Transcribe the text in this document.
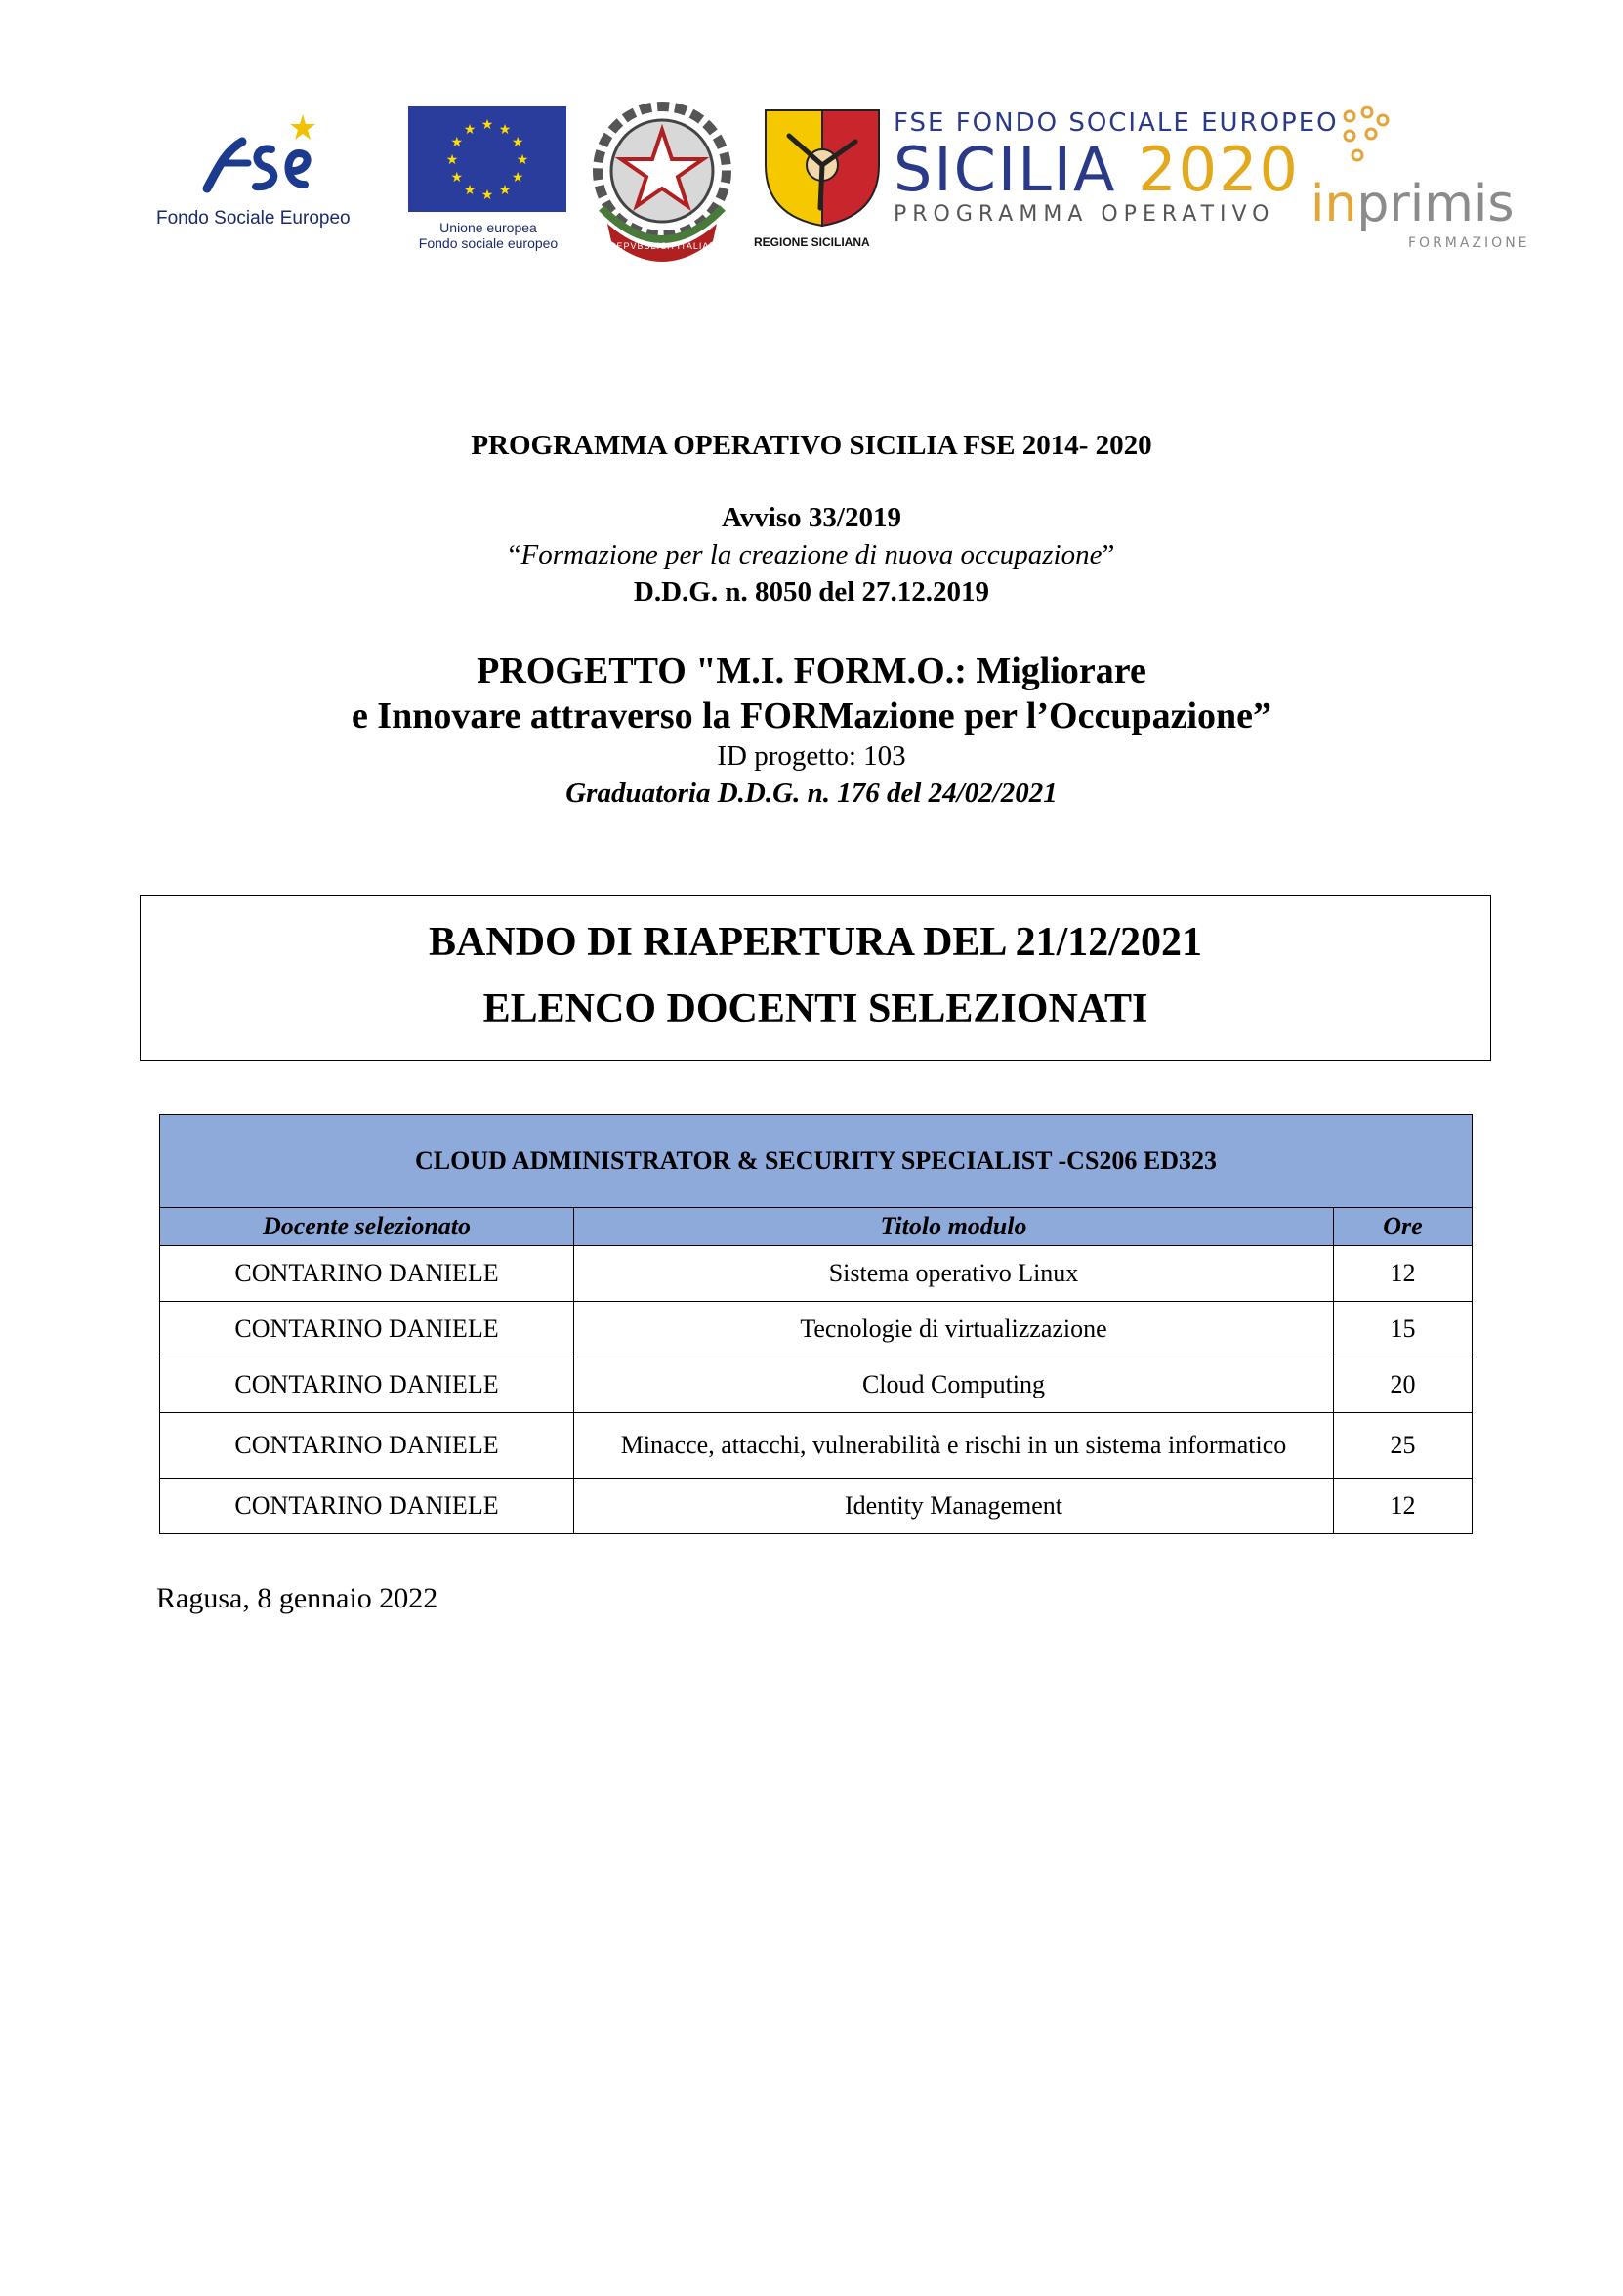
Fondo Sociale Europeo
★ ★
★
★
★
★
★
★
★
★
★
★
Unione europea
Fondo sociale europeo	REPVBBLICA ITALIANA	REGIONE SICILIANA
FSE FONDO SOCIALE EUROPEO
SICILIA 2020
PROGRAMMA OPERATIVO inprimis
FORMAZIONE
PROGRAMMA OPERATIVO SICILIA FSE 2014- 2020
Avviso 33/2019
“Formazione per la creazione di nuova occupazione”
D.D.G. n. 8050 del 27.12.2019
PROGETTO "M.I. FORM.O.: Migliorare
e Innovare attraverso la FORMazione per l’Occupazione”
ID progetto: 103
Graduatoria D.D.G. n. 176 del 24/02/2021
BANDO DI RIAPERTURA DEL 21/12/2021
ELENCO DOCENTI SELEZIONATI
CLOUD ADMINISTRATOR & SECURITY SPECIALIST -CS206 ED323		
Docente selezionato	Titolo modulo	Ore
CONTARINO DANIELE	Sistema operativo Linux	12
CONTARINO DANIELE	Tecnologie di virtualizzazione	15
CONTARINO DANIELE	Cloud Computing	20
CONTARINO DANIELE	Minacce, attacchi, vulnerabilità e rischi in un sistema informatico	25
CONTARINO DANIELE	Identity Management	12
Ragusa, 8 gennaio 2022
